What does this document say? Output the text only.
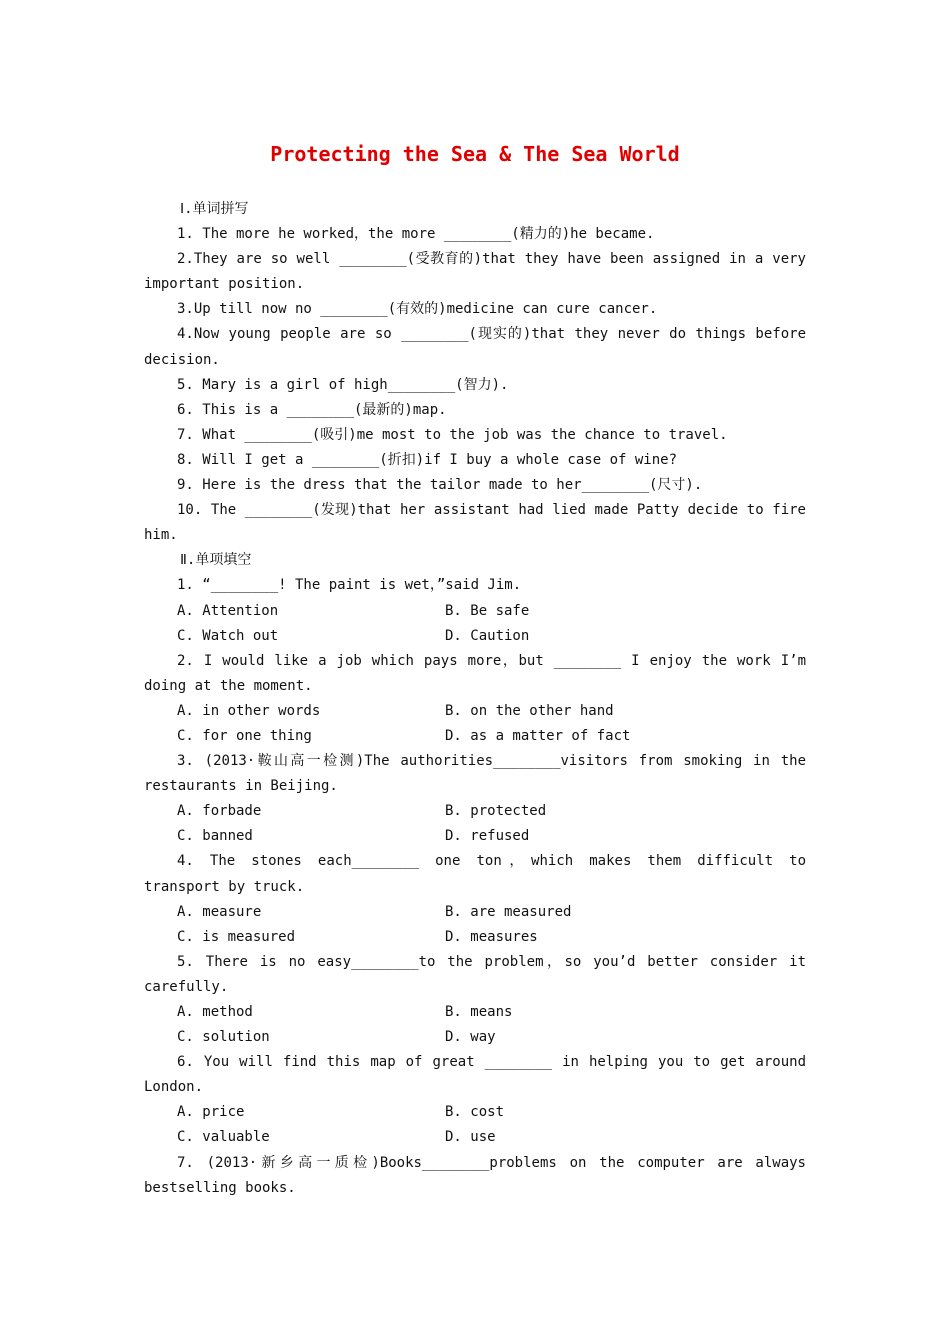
Protecting the Sea & The Sea World
Ⅰ.单词拼写
1. The more he worked，the more ________(精力的)he became.
2.They are so well ________(受教育的)that they have been assigned in a very important position.
3.Up till now no ________(有效的)medicine can cure cancer.
4.Now young people are so ________(现实的)that they never do things before decision.
5. Mary is a girl of high________(智力).
6. This is a ________(最新的)map.
7. What ________(吸引)me most to the job was the chance to travel.
8. Will I get a ________(折扣)if I buy a whole case of wine?
9. Here is the dress that the tailor made to her________(尺寸).
10. The ________(发现)that her assistant had lied made Patty decide to fire him.
Ⅱ.单项填空
1. “________! The paint is wet，”said Jim.
A. Attention	B. Be safe
C. Watch out	D. Caution
2. I would like a job which pays more，but ________ I enjoy the work I’m doing at the moment.
A. in other words	B. on the other hand
C. for one thing	D. as a matter of fact
3. (2013·鞍山高一检测)The authorities________visitors from smoking in the restaurants in Beijing.
A. forbade	B. protected
C. banned	D. refused
4. The stones each________ one ton，which makes them difficult to transport by truck.
A. measure	B. are measured
C. is measured	D. measures
5. There is no easy________to the problem，so you’d better consider it carefully.
A. method	B. means
C. solution	D. way
6. You will find this map of great ________ in helping you to get around London.
A. price	B. cost
C. valuable	D. use
7. (2013·新乡高一质检)Books________problems on the computer are always bestselling books.
